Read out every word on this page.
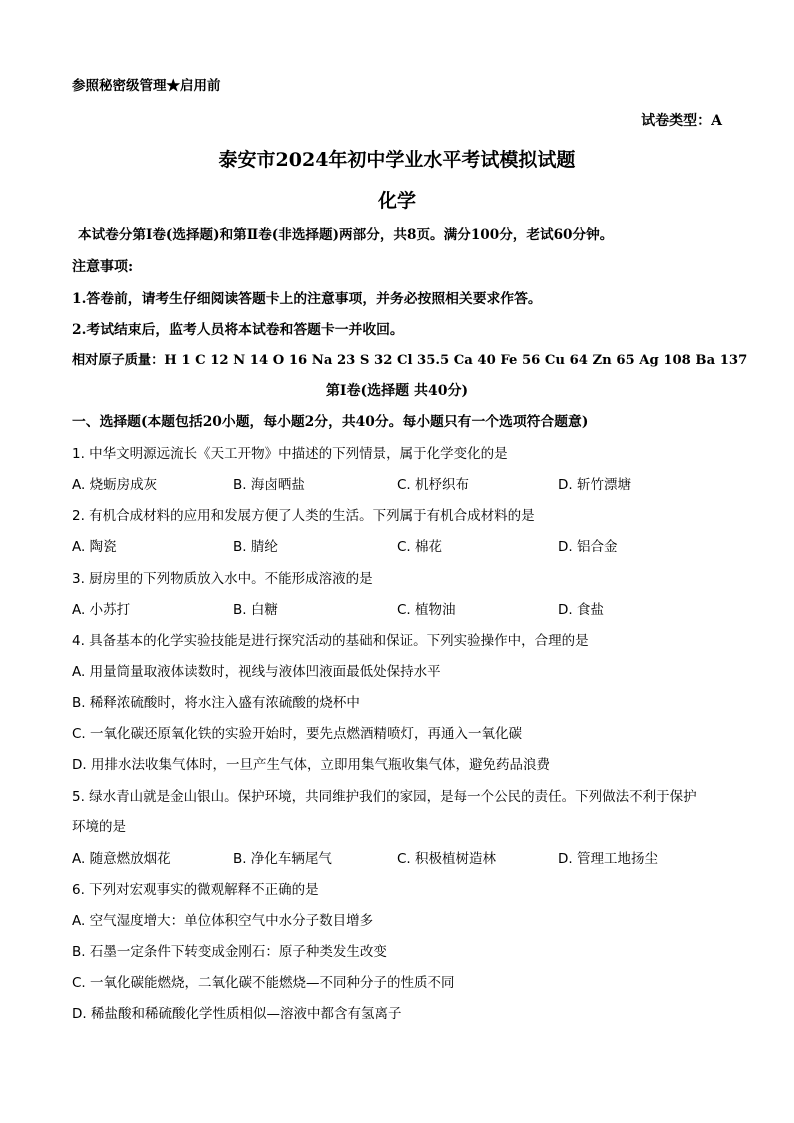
参照秘密级管理★启用前
试卷类型：A
泰安市2024年初中学业水平考试模拟试题
化学
本试卷分第Ⅰ卷(选择题)和第Ⅱ卷(非选择题)两部分，共8页。满分100分，老试60分钟。
注意事项:
1.答卷前，请考生仔细阅读答题卡上的注意事项，并务必按照相关要求作答。
2.考试结束后，监考人员将本试卷和答题卡一并收回。
相对原子质量：H 1 C 12 N 14 O 16 Na 23 S 32 Cl 35.5 Ca 40 Fe 56 Cu 64 Zn 65 Ag 108 Ba 137
第Ⅰ卷(选择题 共40分)
一、选择题(本题包括20小题，每小题2分，共40分。每小题只有一个选项符合题意)
1. 中华文明源远流长《天工开物》中描述的下列情景，属于化学变化的是
A. 烧蛎房成灰	B. 海卤晒盐	C. 机杼织布	D. 斩竹漂塘
2. 有机合成材料的应用和发展方便了人类的生活。下列属于有机合成材料的是
A. 陶瓷	B. 腈纶	C. 棉花	D. 铝合金
3. 厨房里的下列物质放入水中。不能形成溶液的是
A. 小苏打	B. 白糖	C. 植物油	D. 食盐
4. 具备基本的化学实验技能是进行探究活动的基础和保证。下列实验操作中，合理的是
A. 用量筒量取液体读数时，视线与液体凹液面最低处保持水平
B. 稀释浓硫酸时，将水注入盛有浓硫酸的烧杯中
C. 一氧化碳还原氧化铁的实验开始时，要先点燃酒精喷灯，再通入一氧化碳
D. 用排水法收集气体时，一旦产生气体，立即用集气瓶收集气体，避免药品浪费
5. 绿水青山就是金山银山。保护环境，共同维护我们的家园，是每一个公民的责任。下列做法不利于保护
环境的是
A. 随意燃放烟花	B. 净化车辆尾气	C. 积极植树造林	D. 管理工地扬尘
6. 下列对宏观事实的微观解释不正确的是
A. 空气湿度增大：单位体积空气中水分子数目增多
B. 石墨一定条件下转变成金刚石：原子种类发生改变
C. 一氧化碳能燃烧，二氧化碳不能燃烧—不同种分子的性质不同
D. 稀盐酸和稀硫酸化学性质相似—溶液中都含有氢离子
